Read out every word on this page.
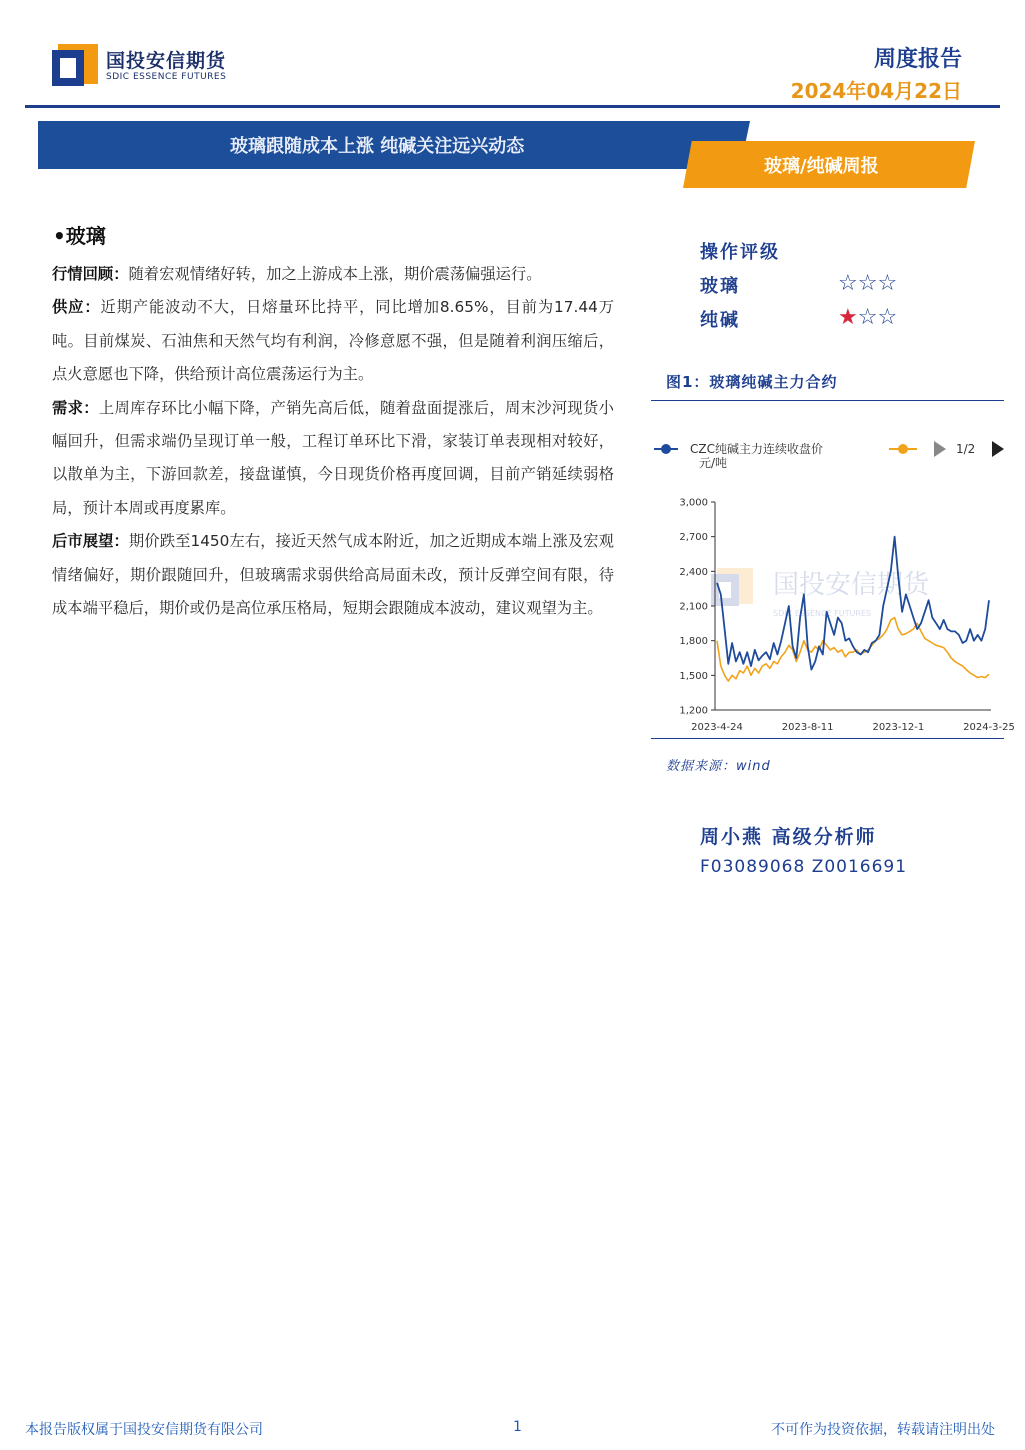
国投安信期货
SDIC ESSENCE FUTURES
周度报告
2024年04月22日
玻璃跟随成本上涨 纯碱关注远兴动态
玻璃/纯碱周报
•玻璃

行情回顾：随着宏观情绪好转，加之上游成本上涨，期价震荡偏强运行。

供应：近期产能波动不大，日熔量环比持平，同比增加8.65%，目前为17.44万吨。目前煤炭、石油焦和天然气均有利润，冷修意愿不强，但是随着利润压缩后，点火意愿也下降，供给预计高位震荡运行为主。

需求：上周库存环比小幅下降，产销先高后低，随着盘面提涨后，周末沙河现货小幅回升，但需求端仍呈现订单一般，工程订单环比下滑，家装订单表现相对较好，以散单为主，下游回款差，接盘谨慎，今日现货价格再度回调，目前产销延续弱格局，预计本周或再度累库。

后市展望：期价跌至1450左右，接近天然气成本附近，加之近期成本端上涨及宏观情绪偏好，期价跟随回升，但玻璃需求弱供给高局面未改，预计反弹空间有限，待成本端平稳后，期价或仍是高位承压格局，短期会跟随成本波动，建议观望为主。

操作评级
玻璃	☆☆☆
纯碱	★☆☆
图1：玻璃纯碱主力合约
CZC纯碱主力连续收盘价	1/2
元/吨
国投安信期货
SDIC ESSENCE FUTURES
3,000
2,700
2,400
2,100
1,800
1,500
1,200
2023-4-24	2023-8-11	2023-12-1	2024-3-25
数据来源：wind
周小燕 高级分析师
F03089068 Z0016691
本报告版权属于国投安信期货有限公司	1	不可作为投资依据，转载请注明出处
